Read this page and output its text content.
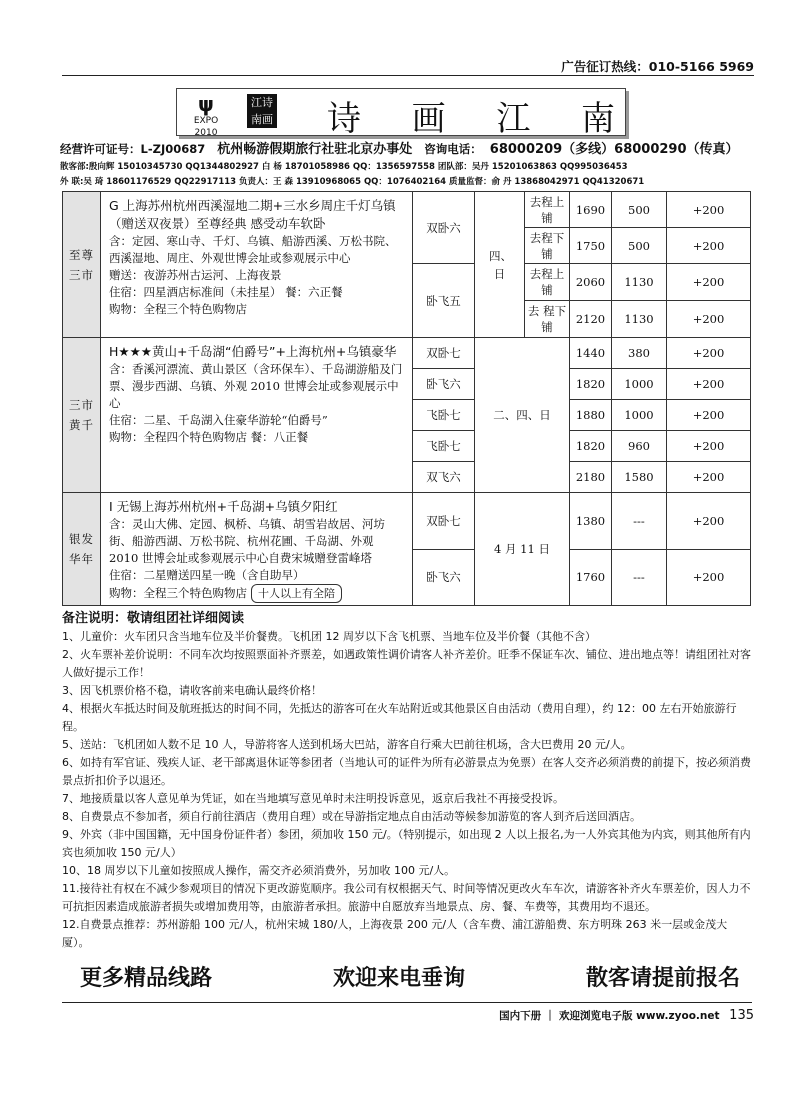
广告征订热线：010-5166 5969
ψ
EXPO 2010
江诗南画 诗 画 江 南
经营许可证号：L-ZJ00687 杭州畅游假期旅行社驻北京办事处 咨询电话： 68000209（多线）68000290（传真）
散客部:殷向辉 15010345730 QQ1344802927 白 杨 18701058986 QQ：1356597558 团队部：吴丹 15201063863 QQ995036453
外 联:吴 琦 18601176529 QQ22917113 负责人：王 森 13910968065 QQ：1076402164 质量监督：俞 丹 13868042971 QQ41320671
至尊三市	G 上海苏州杭州西溪湿地二期+三水乡周庄千灯乌镇（赠送双夜景）至尊经典 感受动车软卧
含：定园、寒山寺、千灯、乌镇、船游西溪、万松书院、西溪湿地、周庄、外观世博会址或参观展示中心
赠送：夜游苏州古运河、上海夜景
住宿：四星酒店标准间（未挂星） 餐：六正餐
购物：全程三个特色购物店	双卧六	四、日	去程上铺	1690	500	+200
				去程下铺	1750	500	+200
		卧飞五		去程上铺	2060	1130	+200
				去 程下铺	2120	1130	+200
三市黄千	H★★★黄山+千岛湖“伯爵号”+上海杭州+乌镇豪华
含：香溪河漂流、黄山景区（含环保车）、千岛湖游船及门票、漫步西湖、乌镇、外观 2010 世博会址或参观展示中心
住宿：二星、千岛湖入住豪华游轮“伯爵号”
购物：全程四个特色购物店 餐：八正餐	双卧七	二、四、日		1440	380	+200
		卧飞六			1820	1000	+200
		飞卧七			1880	1000	+200
		飞卧七			1820	960	+200
		双飞六			2180	1580	+200
银发华年	I 无锡上海苏州杭州+千岛湖+乌镇夕阳红
含：灵山大佛、定园、枫桥、乌镇、胡雪岩故居、河坊街、船游西湖、万松书院、杭州花圃、千岛湖、外观 2010 世博会址或参观展示中心自费宋城赠登雷峰塔
住宿：二星赠送四星一晚（含自助早）
购物：全程三个特色购物店 十人以上有全陪	双卧七	4 月 11 日		1380	---	+200
		卧飞六			1760	---	+200
备注说明：敬请组团社详细阅读

1、儿童价：火车团只含当地车位及半价餐费。飞机团 12 周岁以下含飞机票、当地车位及半价餐（其他不含）

2、火车票补差价说明：不同车次均按照票面补齐票差，如遇政策性调价请客人补齐差价。旺季不保证车次、铺位、进出地点等！请组团社对客人做好提示工作！

3、因飞机票价格不稳，请收客前来电确认最终价格！

4、根据火车抵达时间及航班抵达的时间不同，先抵达的游客可在火车站附近或其他景区自由活动（费用自理），约 12：00 左右开始旅游行程。

5、送站：飞机团如人数不足 10 人，导游将客人送到机场大巴站，游客自行乘大巴前往机场，含大巴费用 20 元/人。

6、如持有军官证、残疾人证、老干部离退休证等参团者（当地认可的证件为所有必游景点为免票）在客人交齐必须消费的前提下，按必须消费景点折扣价予以退还。

7、地接质量以客人意见单为凭证，如在当地填写意见单时未注明投诉意见，返京后我社不再接受投诉。

8、自费景点不参加者，须自行前往酒店（费用自理）或在导游指定地点自由活动等候参加游览的客人到齐后送回酒店。

9、外宾（非中国国籍，无中国身份证件者）参团，须加收 150 元/。（特别提示，如出现 2 人以上报名,为一人外宾其他为内宾，则其他所有内宾也须加收 150 元/人）

10、18 周岁以下儿童如按照成人操作，需交齐必须消费外，另加收 100 元/人。

11.接待社有权在不减少参观项目的情况下更改游览顺序。我公司有权根据天气、时间等情况更改火车车次，请游客补齐火车票差价，因人力不可抗拒因素造成旅游者损失或增加费用等，由旅游者承担。旅游中自愿放弃当地景点、房、餐、车费等，其费用均不退还。

12.自费景点推荐：苏州游船 100 元/人，杭州宋城 180/人，上海夜景 200 元/人（含车费、浦江游船费、东方明珠 263 米一层或金茂大厦）。

更多精品线路	欢迎来电垂询	散客请提前报名
国内下册 ｜ 欢迎浏览电子版 www.zyoo.net 135
